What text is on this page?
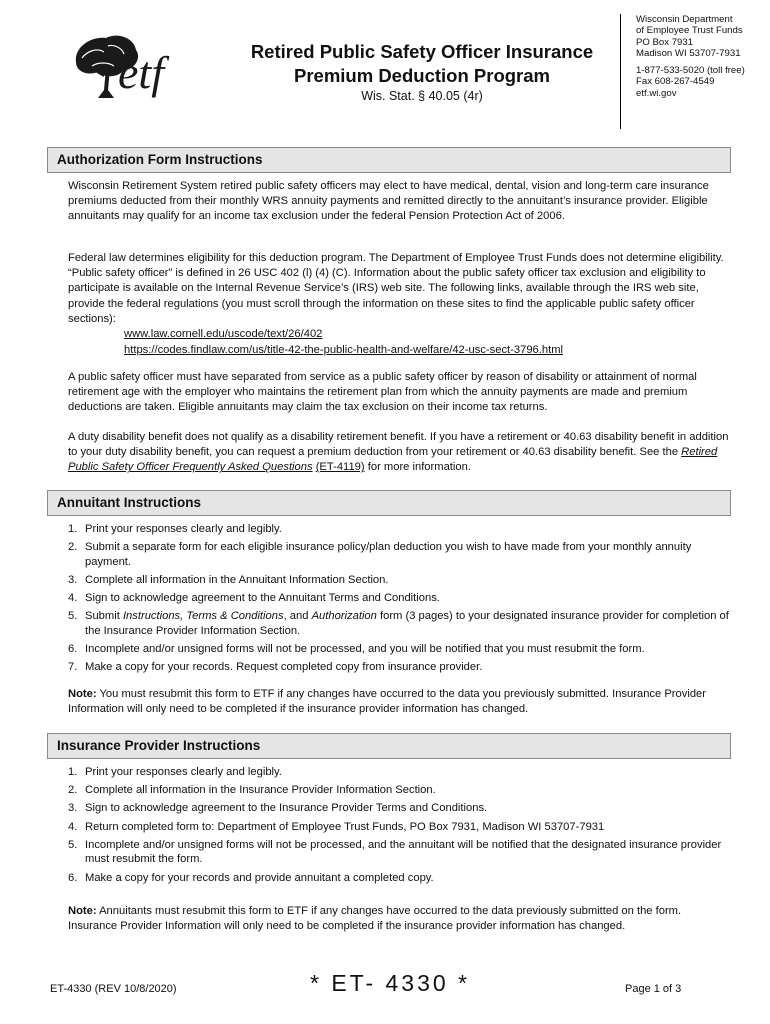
etf	Retired Public Safety Officer Insurance
Premium Deduction Program
Wis. Stat. § 40.05 (4r)
Wisconsin Department
of Employee Trust Funds
PO Box 7931
Madison WI 53707-7931
1-877-533-5020 (toll free)
Fax 608-267-4549
etf.wi.gov
Authorization Form Instructions

Wisconsin Retirement System retired public safety officers may elect to have medical, dental, vision and long-term care insurance premiums deducted from their monthly WRS annuity payments and remitted directly to the annuitant’s insurance provider. Eligible annuitants may qualify for an income tax exclusion under the federal Pension Protection Act of 2006.

Federal law determines eligibility for this deduction program. The Department of Employee Trust Funds does not determine eligibility. “Public safety officer” is defined in 26 USC 402 (l) (4) (C). Information about the public safety officer tax exclusion and eligibility to participate is available on the Internal Revenue Service’s (IRS) web site. The following links, available through the IRS web site, provide the federal regulations (you must scroll through the information on these sites to find the applicable public safety officer sections):

www.law.cornell.edu/uscode/text/26/402
https://codes.findlaw.com/us/title-42-the-public-health-and-welfare/42-usc-sect-3796.html

A public safety officer must have separated from service as a public safety officer by reason of disability or attainment of normal retirement age with the employer who maintains the retirement plan from which the annuity payments are made and premium deductions are taken. Eligible annuitants may claim the tax exclusion on their income tax returns.

A duty disability benefit does not qualify as a disability retirement benefit. If you have a retirement or 40.63 disability benefit in addition to your duty disability benefit, you can request a premium deduction from your retirement or 40.63 disability benefit. See the Retired Public Safety Officer Frequently Asked Questions (ET-4119) for more information.

Annuitant Instructions
1. Print your responses clearly and legibly.
2. Submit a separate form for each eligible insurance policy/plan deduction you wish to have made from your monthly annuity payment.
3. Complete all information in the Annuitant Information Section.
4. Sign to acknowledge agreement to the Annuitant Terms and Conditions.
5. Submit Instructions, Terms & Conditions, and Authorization form (3 pages) to your designated insurance provider for completion of the Insurance Provider Information Section.
6. Incomplete and/or unsigned forms will not be processed, and you will be notified that you must resubmit the form.
7. Make a copy for your records. Request completed copy from insurance provider.

Note: You must resubmit this form to ETF if any changes have occurred to the data you previously submitted. Insurance Provider Information will only need to be completed if the insurance provider information has changed.

Insurance Provider Instructions
1. Print your responses clearly and legibly.
2. Complete all information in the Insurance Provider Information Section.
3. Sign to acknowledge agreement to the Insurance Provider Terms and Conditions.
4. Return completed form to: Department of Employee Trust Funds, PO Box 7931, Madison WI 53707-7931
5. Incomplete and/or unsigned forms will not be processed, and the annuitant will be notified that the designated insurance provider must resubmit the form.
6. Make a copy for your records and provide annuitant a completed copy.

Note: Annuitants must resubmit this form to ETF if any changes have occurred to the data previously submitted on the form. Insurance Provider Information will only need to be completed if the insurance provider information has changed.

ET-4330 (REV 10/8/2020)	* ET- 4330 *	Page 1 of 3
